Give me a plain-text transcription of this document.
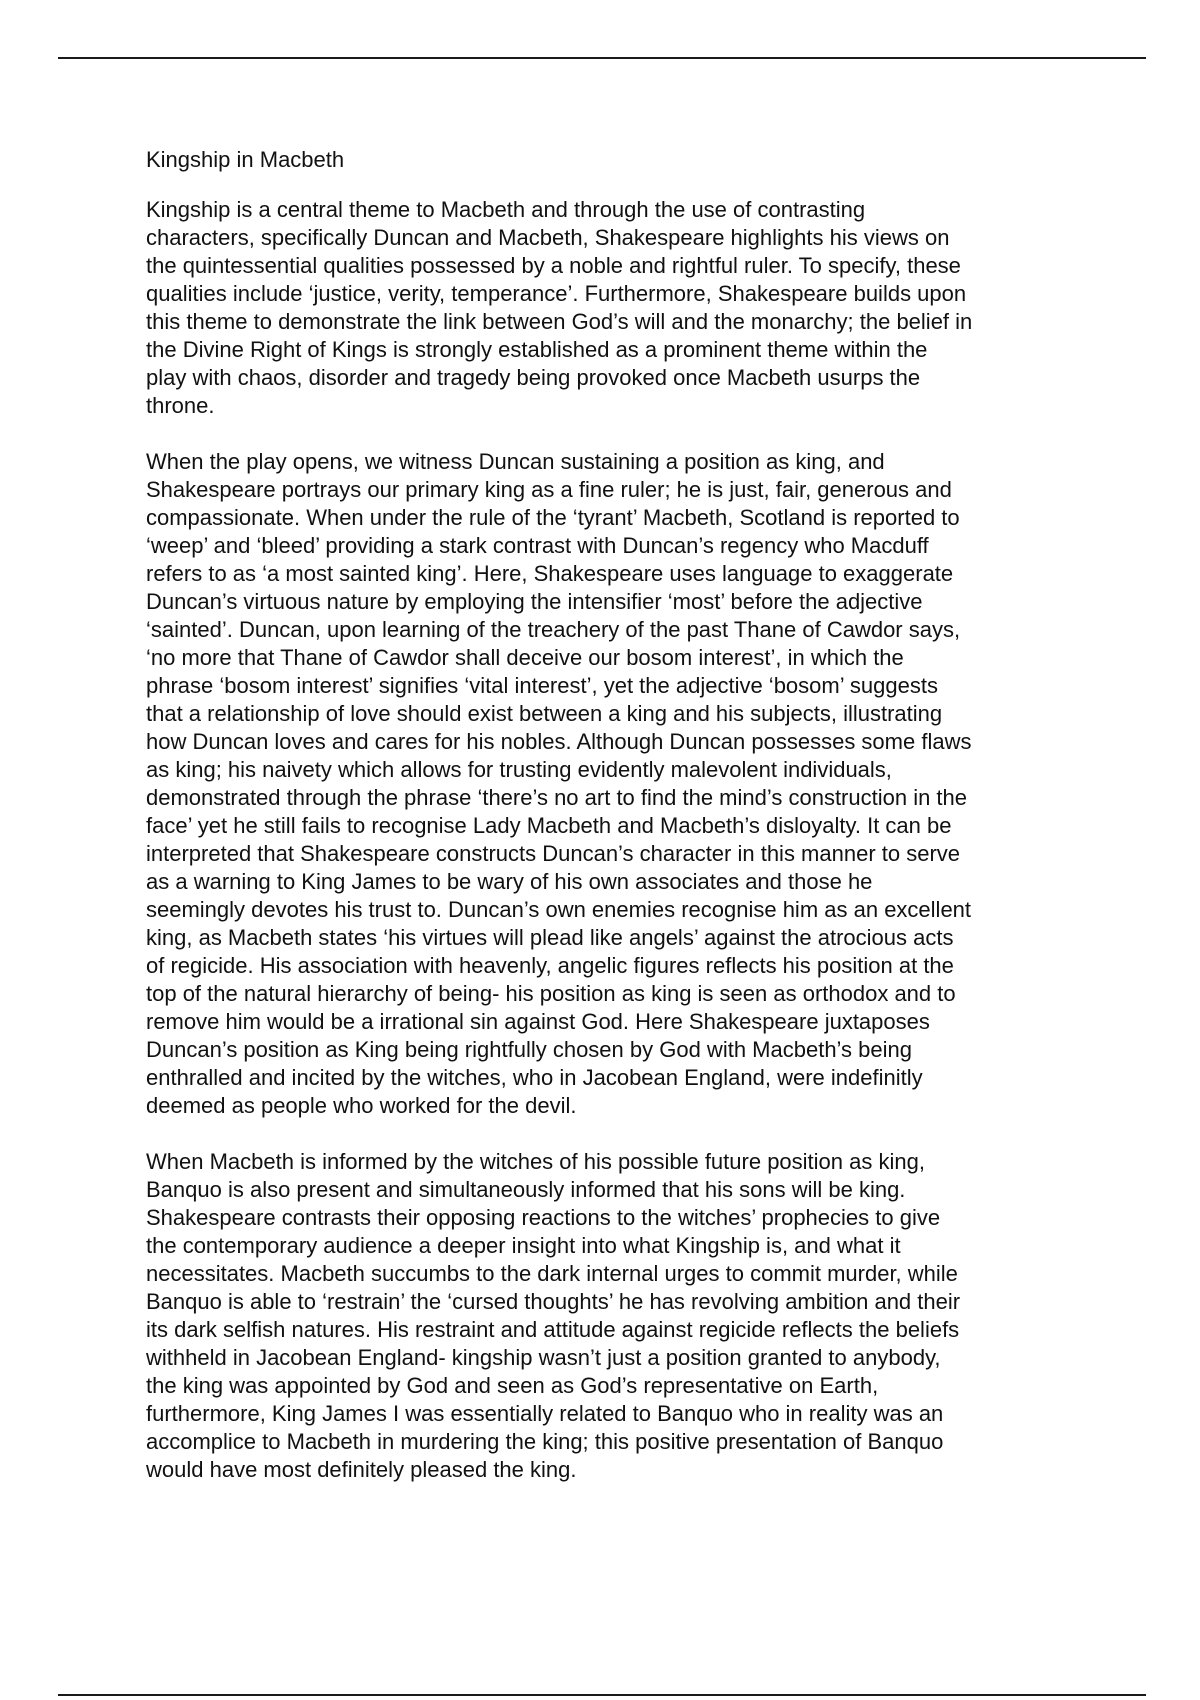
Kingship in Macbeth
Kingship is a central theme to Macbeth and through the use of contrasting
characters, specifically Duncan and Macbeth, Shakespeare highlights his views on
the quintessential qualities possessed by a noble and rightful ruler. To specify, these
qualities include ‘justice, verity, temperance’. Furthermore, Shakespeare builds upon
this theme to demonstrate the link between God’s will and the monarchy; the belief in
the Divine Right of Kings is strongly established as a prominent theme within the
play with chaos, disorder and tragedy being provoked once Macbeth usurps the
throne.
When the play opens, we witness Duncan sustaining a position as king, and
Shakespeare portrays our primary king as a fine ruler; he is just, fair, generous and
compassionate. When under the rule of the ‘tyrant’ Macbeth, Scotland is reported to
‘weep’ and ‘bleed’ providing a stark contrast with Duncan’s regency who Macduff
refers to as ‘a most sainted king’. Here, Shakespeare uses language to exaggerate
Duncan’s virtuous nature by employing the intensifier ‘most’ before the adjective
‘sainted’. Duncan, upon learning of the treachery of the past Thane of Cawdor says,
‘no more that Thane of Cawdor shall deceive our bosom interest’, in which the
phrase ‘bosom interest’ signifies ‘vital interest’, yet the adjective ‘bosom’ suggests
that a relationship of love should exist between a king and his subjects, illustrating
how Duncan loves and cares for his nobles. Although Duncan possesses some flaws
as king; his naivety which allows for trusting evidently malevolent individuals,
demonstrated through the phrase ‘there’s no art to find the mind’s construction in the
face’ yet he still fails to recognise Lady Macbeth and Macbeth’s disloyalty. It can be
interpreted that Shakespeare constructs Duncan’s character in this manner to serve
as a warning to King James to be wary of his own associates and those he
seemingly devotes his trust to. Duncan’s own enemies recognise him as an excellent
king, as Macbeth states ‘his virtues will plead like angels’ against the atrocious acts
of regicide. His association with heavenly, angelic figures reflects his position at the
top of the natural hierarchy of being- his position as king is seen as orthodox and to
remove him would be a irrational sin against God. Here Shakespeare juxtaposes
Duncan’s position as King being rightfully chosen by God with Macbeth’s being
enthralled and incited by the witches, who in Jacobean England, were indefinitly
deemed as people who worked for the devil.
When Macbeth is informed by the witches of his possible future position as king,
Banquo is also present and simultaneously informed that his sons will be king.
Shakespeare contrasts their opposing reactions to the witches’ prophecies to give
the contemporary audience a deeper insight into what Kingship is, and what it
necessitates. Macbeth succumbs to the dark internal urges to commit murder, while
Banquo is able to ‘restrain’ the ‘cursed thoughts’ he has revolving ambition and their
its dark selfish natures. His restraint and attitude against regicide reflects the beliefs
withheld in Jacobean England- kingship wasn’t just a position granted to anybody,
the king was appointed by God and seen as God’s representative on Earth,
furthermore, King James I was essentially related to Banquo who in reality was an
accomplice to Macbeth in murdering the king; this positive presentation of Banquo
would have most definitely pleased the king.
